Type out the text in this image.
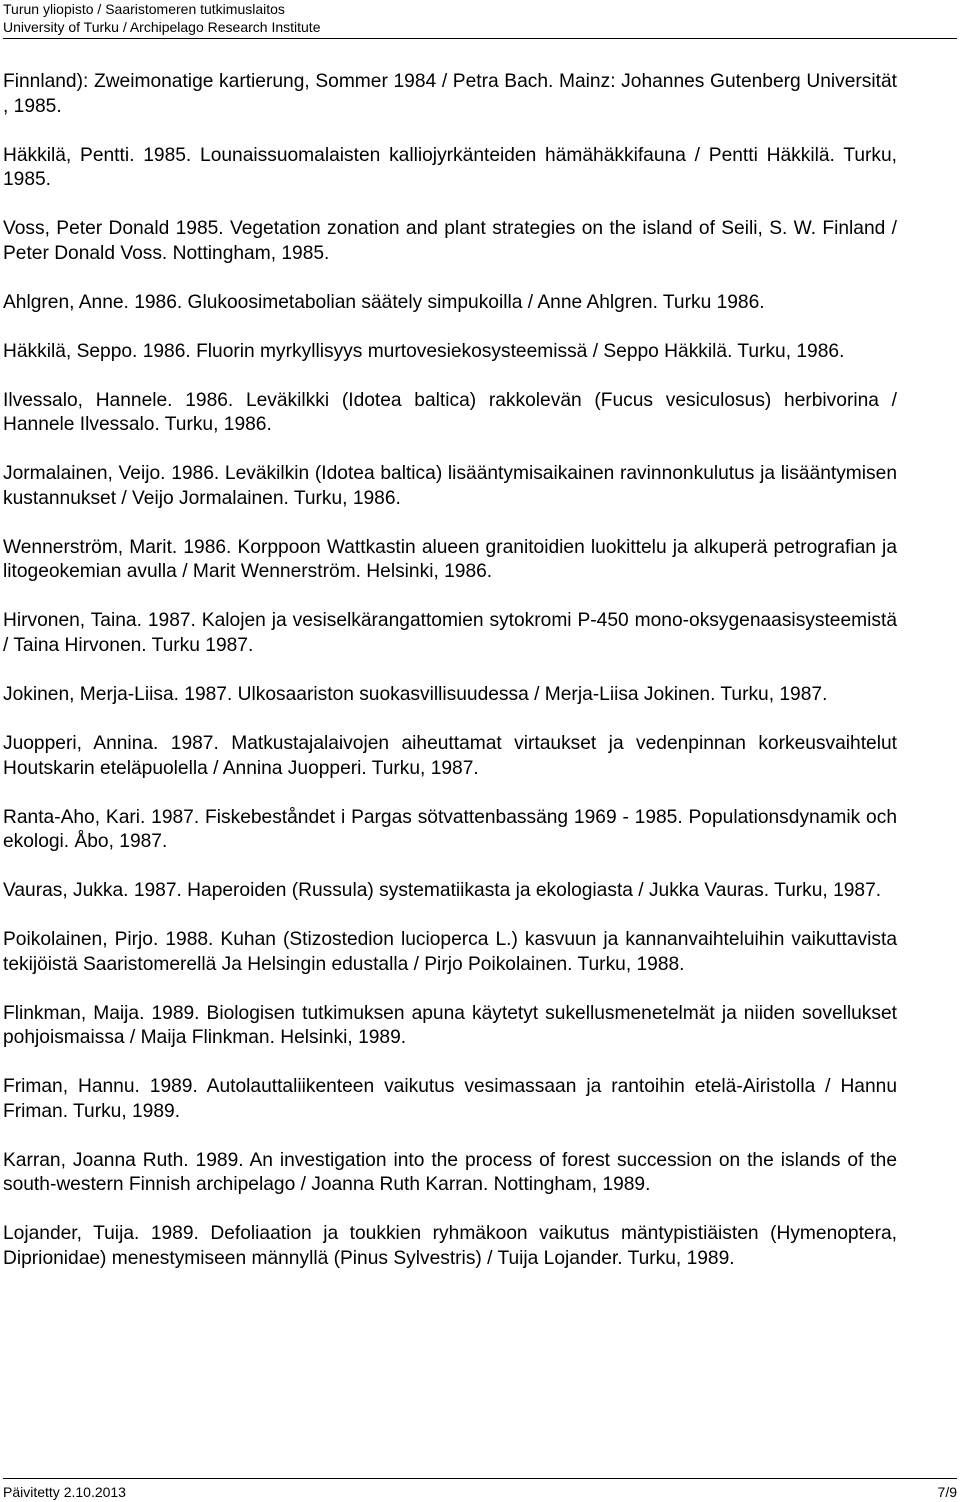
Turun yliopisto / Saaristomeren tutkimuslaitos
University of Turku / Archipelago Research Institute

Finnland): Zweimonatige kartierung, Sommer 1984 / Petra Bach. Mainz: Johannes Gutenberg Universität , 1985.

Häkkilä, Pentti. 1985. Lounaissuomalaisten kalliojyrkänteiden hämähäkkifauna / Pentti Häkkilä. Turku, 1985.

Voss, Peter Donald 1985. Vegetation zonation and plant strategies on the island of Seili, S. W. Finland / Peter Donald Voss. Nottingham, 1985.

Ahlgren, Anne. 1986. Glukoosimetabolian säätely simpukoilla / Anne Ahlgren. Turku 1986.

Häkkilä, Seppo. 1986. Fluorin myrkyllisyys murtovesiekosysteemissä / Seppo Häkkilä. Turku, 1986.

Ilvessalo, Hannele. 1986. Leväkilkki (Idotea baltica) rakkolevän (Fucus vesiculosus) herbivorina / Hannele Ilvessalo. Turku, 1986.

Jormalainen, Veijo. 1986. Leväkilkin (Idotea baltica) lisääntymisaikainen ravinnonkulutus ja lisääntymisen kustannukset / Veijo Jormalainen. Turku, 1986.

Wennerström, Marit. 1986. Korppoon Wattkastin alueen granitoidien luokittelu ja alkuperä petrografian ja litogeokemian avulla / Marit Wennerström. Helsinki, 1986.

Hirvonen, Taina. 1987. Kalojen ja vesiselkärangattomien sytokromi P-450 mono-oksygenaasisysteemistä / Taina Hirvonen. Turku 1987.

Jokinen, Merja-Liisa. 1987. Ulkosaariston suokasvillisuudessa / Merja-Liisa Jokinen. Turku, 1987.

Juopperi, Annina. 1987. Matkustajalaivojen aiheuttamat virtaukset ja vedenpinnan korkeusvaihtelut Houtskarin eteläpuolella / Annina Juopperi. Turku, 1987.

Ranta-Aho, Kari. 1987. Fiskebeståndet i Pargas sötvattenbassäng 1969 - 1985. Populationsdynamik och ekologi. Åbo, 1987.

Vauras, Jukka. 1987. Haperoiden (Russula) systematiikasta ja ekologiasta / Jukka Vauras. Turku, 1987.

Poikolainen, Pirjo. 1988. Kuhan (Stizostedion lucioperca L.) kasvuun ja kannanvaihteluihin vaikuttavista tekijöistä Saaristomerellä Ja Helsingin edustalla / Pirjo Poikolainen. Turku, 1988.

Flinkman, Maija. 1989. Biologisen tutkimuksen apuna käytetyt sukellusmenetelmät ja niiden sovellukset pohjoismaissa / Maija Flinkman. Helsinki, 1989.

Friman, Hannu. 1989. Autolauttaliikenteen vaikutus vesimassaan ja rantoihin etelä-Airistolla / Hannu Friman. Turku, 1989.

Karran, Joanna Ruth. 1989. An investigation into the process of forest succession on the islands of the south-western Finnish archipelago / Joanna Ruth Karran. Nottingham, 1989.

Lojander, Tuija. 1989. Defoliaation ja toukkien ryhmäkoon vaikutus mäntypistiäisten (Hymenoptera, Diprionidae) menestymiseen männyllä (Pinus Sylvestris) / Tuija Lojander. Turku, 1989.

Päivitetty 2.10.2013	7/9
